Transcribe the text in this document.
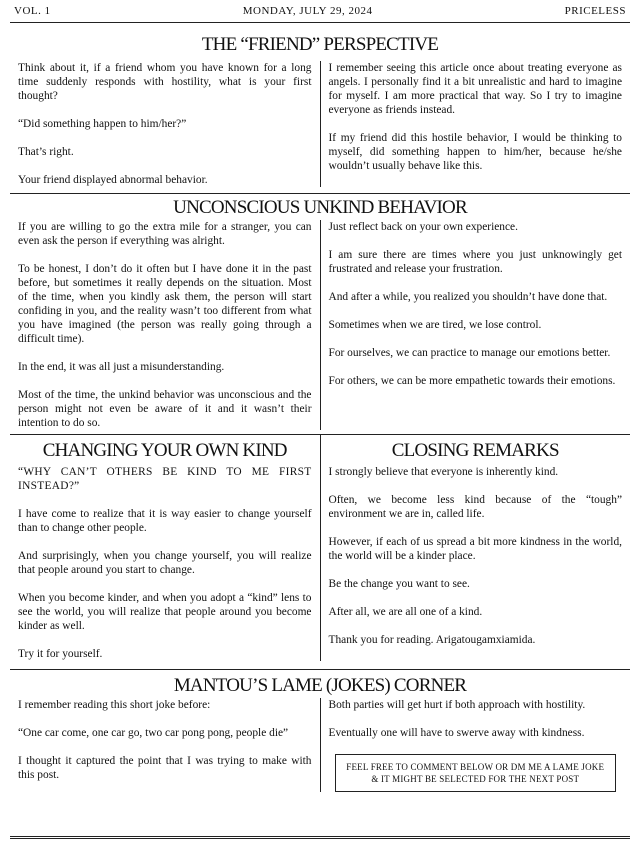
VOL. 1	MONDAY, JULY 29, 2024	PRICELESS
THE “FRIEND” PERSPECTIVE

Think about it, if a friend whom you have known for a long time suddenly responds with hostility, what is your first thought?

“Did something happen to him/her?”

That’s right.

Your friend displayed abnormal behavior.

I remember seeing this article once about treating everyone as angels. I personally find it a bit unrealistic and hard to imagine for myself. I am more practical that way. So I try to imagine everyone as friends instead.

If my friend did this hostile behavior, I would be thinking to myself, did something happen to him/her, because he/she wouldn’t usually behave like this.

UNCONSCIOUS UNKIND BEHAVIOR

If you are willing to go the extra mile for a stranger, you can even ask the person if everything was alright.

To be honest, I don’t do it often but I have done it in the past before, but sometimes it really depends on the situation. Most of the time, when you kindly ask them, the person will start confiding in you, and the reality wasn’t too different from what you have imagined (the person was really going through a difficult time).

In the end, it was all just a misunderstanding.

Most of the time, the unkind behavior was unconscious and the person might not even be aware of it and it wasn’t their intention to do so.

Just reflect back on your own experience.

I am sure there are times where you just unknowingly get frustrated and release your frustration.

And after a while, you realized you shouldn’t have done that.

Sometimes when we are tired, we lose control.

For ourselves, we can practice to manage our emotions better.

For others, we can be more empathetic towards their emotions.

CHANGING YOUR OWN KIND

“WHY CAN’T OTHERS BE KIND TO ME FIRST INSTEAD?”

I have come to realize that it is way easier to change yourself than to change other people.

And surprisingly, when you change yourself, you will realize that people around you start to change.

When you become kinder, and when you adopt a “kind” lens to see the world, you will realize that people around you become kinder as well.

Try it for yourself.

CLOSING REMARKS

I strongly believe that everyone is inherently kind.

Often, we become less kind because of the “tough” environment we are in, called life.

However, if each of us spread a bit more kindness in the world, the world will be a kinder place.

Be the change you want to see.

After all, we are all one of a kind.

Thank you for reading. Arigatougamxiamida.

MANTOU’S LAME (JOKES) CORNER

I remember reading this short joke before:

“One car come, one car go, two car pong pong, people die”

I thought it captured the point that I was trying to make with this post.

Both parties will get hurt if both approach with hostility.

Eventually one will have to swerve away with kindness.

FEEL FREE TO COMMENT BELOW OR DM ME A LAME JOKE
& IT MIGHT BE SELECTED FOR THE NEXT POST
